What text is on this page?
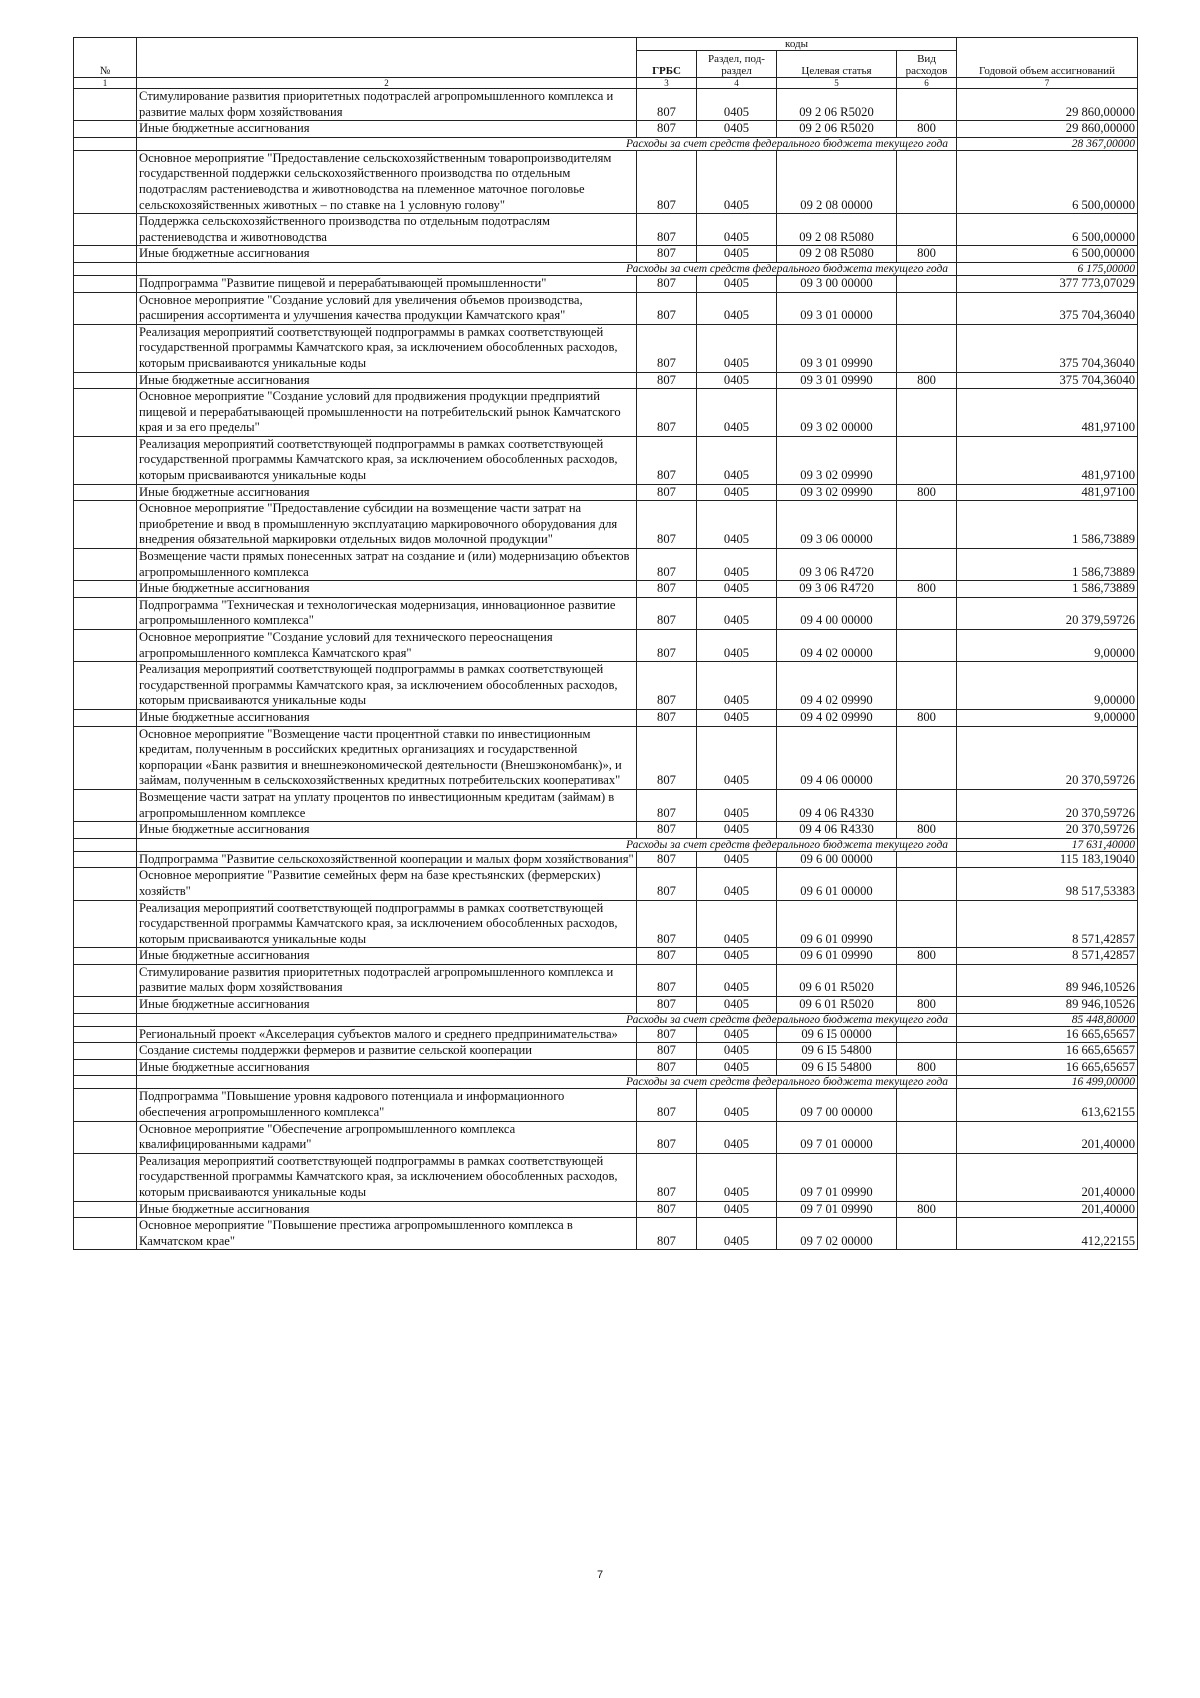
№		коды				Годовой объем ассигнований
		ГРБС	Раздел, под-раздел	Целевая статья	Вид расходов	
1	2	3	4	5	6	7
	Стимулирование развития приоритетных подотраслей агропромышленного комплекса и развитие малых форм хозяйствования	807	0405	09 2 06 R5020		29 860,00000
	Иные бюджетные ассигнования	807	0405	09 2 06 R5020	800	29 860,00000
	Расходы за счет средств федерального бюджета текущего года					28 367,00000
	Основное мероприятие "Предоставление сельскохозяйственным товаропроизводителям государственной поддержки сельскохозяйственного производства по отдельным подотраслям растениеводства и животноводства на племенное маточное поголовье сельскохозяйственных животных – по ставке на 1 условную голову"	807	0405	09 2 08 00000		6 500,00000
	Поддержка сельскохозяйственного производства по отдельным подотраслям растениеводства и животноводства	807	0405	09 2 08 R5080		6 500,00000
	Иные бюджетные ассигнования	807	0405	09 2 08 R5080	800	6 500,00000
	Расходы за счет средств федерального бюджета текущего года					6 175,00000
	Подпрограмма "Развитие пищевой и перерабатывающей промышленности"	807	0405	09 3 00 00000		377 773,07029
	Основное мероприятие "Создание условий для увеличения объемов производства, расширения ассортимента и улучшения качества продукции Камчатского края"	807	0405	09 3 01 00000		375 704,36040
	Реализация мероприятий соответствующей подпрограммы в рамках соответствующей государственной программы Камчатского края, за исключением обособленных расходов, которым присваиваются уникальные коды	807	0405	09 3 01 09990		375 704,36040
	Иные бюджетные ассигнования	807	0405	09 3 01 09990	800	375 704,36040
	Основное мероприятие "Создание условий для продвижения продукции предприятий пищевой и перерабатывающей промышленности на потребительский рынок Камчатского края и за его пределы"	807	0405	09 3 02 00000		481,97100
	Реализация мероприятий соответствующей подпрограммы в рамках соответствующей государственной программы Камчатского края, за исключением обособленных расходов, которым присваиваются уникальные коды	807	0405	09 3 02 09990		481,97100
	Иные бюджетные ассигнования	807	0405	09 3 02 09990	800	481,97100
	Основное мероприятие "Предоставление субсидии на возмещение части затрат на приобретение и ввод в промышленную эксплуатацию маркировочного оборудования для внедрения обязательной маркировки отдельных видов молочной продукции"	807	0405	09 3 06 00000		1 586,73889
	Возмещение части прямых понесенных затрат на создание и (или) модернизацию объектов агропромышленного комплекса	807	0405	09 3 06 R4720		1 586,73889
	Иные бюджетные ассигнования	807	0405	09 3 06 R4720	800	1 586,73889
	Подпрограмма "Техническая и технологическая модернизация, инновационное развитие агропромышленного комплекса"	807	0405	09 4 00 00000		20 379,59726
	Основное мероприятие "Создание условий для технического переоснащения агропромышленного комплекса Камчатского края"	807	0405	09 4 02 00000		9,00000
	Реализация мероприятий соответствующей подпрограммы в рамках соответствующей государственной программы Камчатского края, за исключением обособленных расходов, которым присваиваются уникальные коды	807	0405	09 4 02 09990		9,00000
	Иные бюджетные ассигнования	807	0405	09 4 02 09990	800	9,00000
	Основное мероприятие "Возмещение части процентной ставки по инвестиционным кредитам, полученным в российских кредитных организациях и государственной корпорации «Банк развития и внешнеэкономической деятельности (Внешэкономбанк)», и займам, полученным в сельскохозяйственных кредитных потребительских кооперативах"	807	0405	09 4 06 00000		20 370,59726
	Возмещение части затрат на уплату процентов по инвестиционным кредитам (займам) в агропромышленном комплексе	807	0405	09 4 06 R4330		20 370,59726
	Иные бюджетные ассигнования	807	0405	09 4 06 R4330	800	20 370,59726
	Расходы за счет средств федерального бюджета текущего года					17 631,40000
	Подпрограмма "Развитие сельскохозяйственной кооперации и малых форм хозяйствования"	807	0405	09 6 00 00000		115 183,19040
	Основное мероприятие "Развитие семейных ферм на базе крестьянских (фермерских) хозяйств"	807	0405	09 6 01 00000		98 517,53383
	Реализация мероприятий соответствующей подпрограммы в рамках соответствующей государственной программы Камчатского края, за исключением обособленных расходов, которым присваиваются уникальные коды	807	0405	09 6 01 09990		8 571,42857
	Иные бюджетные ассигнования	807	0405	09 6 01 09990	800	8 571,42857
	Стимулирование развития приоритетных подотраслей агропромышленного комплекса и развитие малых форм хозяйствования	807	0405	09 6 01 R5020		89 946,10526
	Иные бюджетные ассигнования	807	0405	09 6 01 R5020	800	89 946,10526
	Расходы за счет средств федерального бюджета текущего года					85 448,80000
	Региональный проект «Акселерация субъектов малого и среднего предпринимательства»	807	0405	09 6 I5 00000		16 665,65657
	Создание системы поддержки фермеров и развитие сельской кооперации	807	0405	09 6 I5 54800		16 665,65657
	Иные бюджетные ассигнования	807	0405	09 6 I5 54800	800	16 665,65657
	Расходы за счет средств федерального бюджета текущего года					16 499,00000
	Подпрограмма "Повышение уровня кадрового потенциала и информационного обеспечения агропромышленного комплекса"	807	0405	09 7 00 00000		613,62155
	Основное мероприятие "Обеспечение агропромышленного комплекса квалифицированными кадрами"	807	0405	09 7 01 00000		201,40000
	Реализация мероприятий соответствующей подпрограммы в рамках соответствующей государственной программы Камчатского края, за исключением обособленных расходов, которым присваиваются уникальные коды	807	0405	09 7 01 09990		201,40000
	Иные бюджетные ассигнования	807	0405	09 7 01 09990	800	201,40000
	Основное мероприятие "Повышение престижа агропромышленного комплекса в Камчатском крае"	807	0405	09 7 02 00000		412,22155
7
